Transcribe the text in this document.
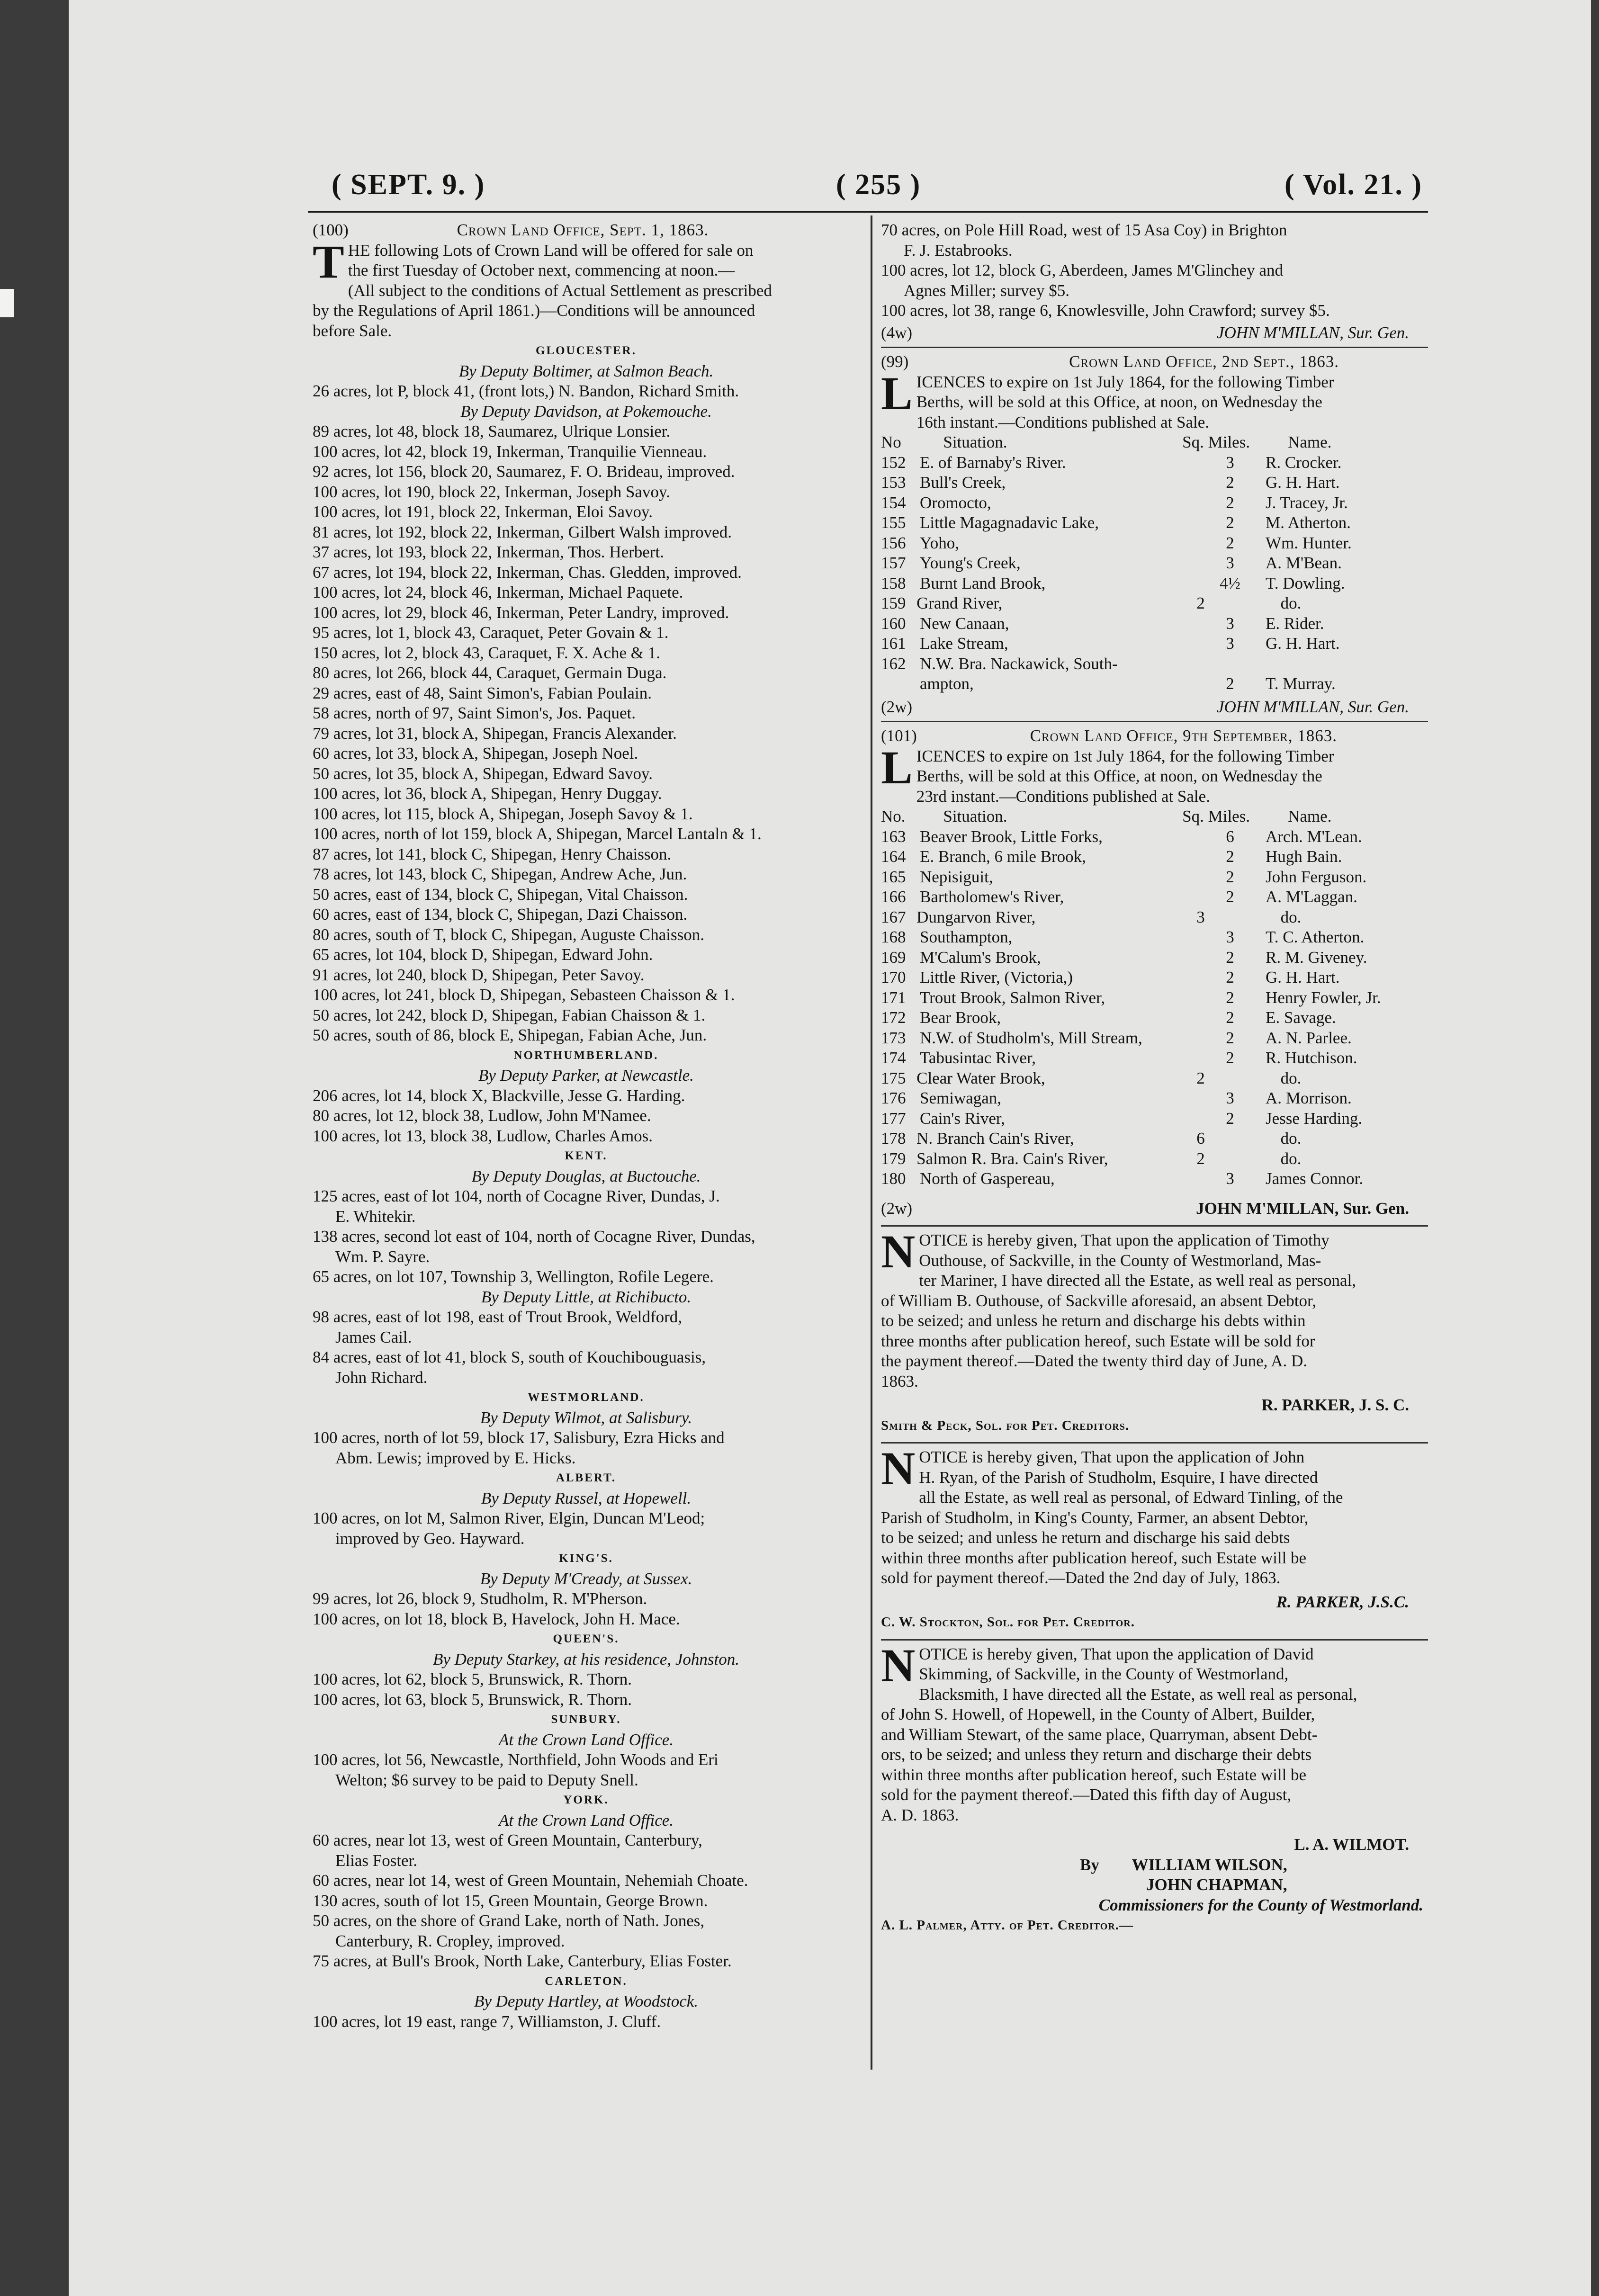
( SEPT. 9. )	( 255 )	( Vol. 21. )
(100)	Crown Land Office, Sept. 1, 1863.
T HE following Lots of Crown Land will be offered for sale on
the first Tuesday of October next, commencing at noon.—
(All subject to the conditions of Actual Settlement as prescribed
by the Regulations of April 1861.)—Conditions will be announced
before Sale.
GLOUCESTER.
By Deputy Boltimer, at Salmon Beach.
26 acres, lot P, block 41, (front lots,) N. Bandon, Richard Smith.
By Deputy Davidson, at Pokemouche.
89 acres, lot 48, block 18, Saumarez, Ulrique Lonsier.
100 acres, lot 42, block 19, Inkerman, Tranquilie Vienneau.
92 acres, lot 156, block 20, Saumarez, F. O. Brideau, improved.
100 acres, lot 190, block 22, Inkerman, Joseph Savoy.
100 acres, lot 191, block 22, Inkerman, Eloi Savoy.
81 acres, lot 192, block 22, Inkerman, Gilbert Walsh improved.
37 acres, lot 193, block 22, Inkerman, Thos. Herbert.
67 acres, lot 194, block 22, Inkerman, Chas. Gledden, improved.
100 acres, lot 24, block 46, Inkerman, Michael Paquete.
100 acres, lot 29, block 46, Inkerman, Peter Landry, improved.
95 acres, lot 1, block 43, Caraquet, Peter Govain & 1.
150 acres, lot 2, block 43, Caraquet, F. X. Ache & 1.
80 acres, lot 266, block 44, Caraquet, Germain Duga.
29 acres, east of 48, Saint Simon's, Fabian Poulain.
58 acres, north of 97, Saint Simon's, Jos. Paquet.
79 acres, lot 31, block A, Shipegan, Francis Alexander.
60 acres, lot 33, block A, Shipegan, Joseph Noel.
50 acres, lot 35, block A, Shipegan, Edward Savoy.
100 acres, lot 36, block A, Shipegan, Henry Duggay.
100 acres, lot 115, block A, Shipegan, Joseph Savoy & 1.
100 acres, north of lot 159, block A, Shipegan, Marcel Lantaln & 1.
87 acres, lot 141, block C, Shipegan, Henry Chaisson.
78 acres, lot 143, block C, Shipegan, Andrew Ache, Jun.
50 acres, east of 134, block C, Shipegan, Vital Chaisson.
60 acres, east of 134, block C, Shipegan, Dazi Chaisson.
80 acres, south of T, block C, Shipegan, Auguste Chaisson.
65 acres, lot 104, block D, Shipegan, Edward John.
91 acres, lot 240, block D, Shipegan, Peter Savoy.
100 acres, lot 241, block D, Shipegan, Sebasteen Chaisson & 1.
50 acres, lot 242, block D, Shipegan, Fabian Chaisson & 1.
50 acres, south of 86, block E, Shipegan, Fabian Ache, Jun.
NORTHUMBERLAND.
By Deputy Parker, at Newcastle.
206 acres, lot 14, block X, Blackville, Jesse G. Harding.
80 acres, lot 12, block 38, Ludlow, John M'Namee.
100 acres, lot 13, block 38, Ludlow, Charles Amos.
KENT.
By Deputy Douglas, at Buctouche.
125 acres, east of lot 104, north of Cocagne River, Dundas, J.
E. Whitekir.
138 acres, second lot east of 104, north of Cocagne River, Dundas,
Wm. P. Sayre.
65 acres, on lot 107, Township 3, Wellington, Rofile Legere.
By Deputy Little, at Richibucto.
98 acres, east of lot 198, east of Trout Brook, Weldford,
James Cail.
84 acres, east of lot 41, block S, south of Kouchibouguasis,
John Richard.
WESTMORLAND.
By Deputy Wilmot, at Salisbury.
100 acres, north of lot 59, block 17, Salisbury, Ezra Hicks and
Abm. Lewis; improved by E. Hicks.
ALBERT.
By Deputy Russel, at Hopewell.
100 acres, on lot M, Salmon River, Elgin, Duncan M'Leod;
improved by Geo. Hayward.
KING'S.
By Deputy M'Cready, at Sussex.
99 acres, lot 26, block 9, Studholm, R. M'Pherson.
100 acres, on lot 18, block B, Havelock, John H. Mace.
QUEEN'S.
By Deputy Starkey, at his residence, Johnston.
100 acres, lot 62, block 5, Brunswick, R. Thorn.
100 acres, lot 63, block 5, Brunswick, R. Thorn.
SUNBURY.
At the Crown Land Office.
100 acres, lot 56, Newcastle, Northfield, John Woods and Eri
Welton; $6 survey to be paid to Deputy Snell.
YORK.
At the Crown Land Office.
60 acres, near lot 13, west of Green Mountain, Canterbury,
Elias Foster.
60 acres, near lot 14, west of Green Mountain, Nehemiah Choate.
130 acres, south of lot 15, Green Mountain, George Brown.
50 acres, on the shore of Grand Lake, north of Nath. Jones,
Canterbury, R. Cropley, improved.
75 acres, at Bull's Brook, North Lake, Canterbury, Elias Foster.
CARLETON.
By Deputy Hartley, at Woodstock.
100 acres, lot 19 east, range 7, Williamston, J. Cluff.
70 acres, on Pole Hill Road, west of 15 Asa Coy) in Brighton
F. J. Estabrooks.
100 acres, lot 12, block G, Aberdeen, James M'Glinchey and
Agnes Miller; survey $5.
100 acres, lot 38, range 6, Knowlesville, John Crawford; survey $5.
(4w)	JOHN M'MILLAN, Sur. Gen.
(99)	Crown Land Office, 2nd Sept., 1863.
L ICENCES to expire on 1st July 1864, for the following Timber
Berths, will be sold at this Office, at noon, on Wednesday the
16th instant.—Conditions published at Sale.
No	Situation.	Sq. Miles.	Name.
152 E. of Barnaby's River.	3	R. Crocker.
153 Bull's Creek,	2	G. H. Hart.
154 Oromocto,	2	J. Tracey, Jr.
155 Little Magagnadavic Lake,	2	M. Atherton.
156 Yoho,	2	Wm. Hunter.
157 Young's Creek,	3	A. M'Bean.
158 Burnt Land Brook,	4½	T. Dowling.
159 Grand River,	2	do.
160 New Canaan,	3	E. Rider.
161 Lake Stream,	3	G. H. Hart.
162 N.W. Bra. Nackawick, South-
ampton,	2	T. Murray.
(2w)	JOHN M'MILLAN, Sur. Gen.
(101)	Crown Land Office, 9th September, 1863.
L ICENCES to expire on 1st July 1864, for the following Timber
Berths, will be sold at this Office, at noon, on Wednesday the
23rd instant.—Conditions published at Sale.
No.	Situation.	Sq. Miles.	Name.
163 Beaver Brook, Little Forks,	6	Arch. M'Lean.
164 E. Branch, 6 mile Brook,	2	Hugh Bain.
165 Nepisiguit,	2	John Ferguson.
166 Bartholomew's River,	2	A. M'Laggan.
167 Dungarvon River,	3	do.
168 Southampton,	3	T. C. Atherton.
169 M'Calum's Brook,	2	R. M. Giveney.
170 Little River, (Victoria,)	2	G. H. Hart.
171 Trout Brook, Salmon River,	2	Henry Fowler, Jr.
172 Bear Brook,	2	E. Savage.
173 N.W. of Studholm's, Mill Stream,	2	A. N. Parlee.
174 Tabusintac River,	2	R. Hutchison.
175 Clear Water Brook,	2	do.
176 Semiwagan,	3	A. Morrison.
177 Cain's River,	2	Jesse Harding.
178 N. Branch Cain's River,	6	do.
179 Salmon R. Bra. Cain's River,	2	do.
180 North of Gaspereau,	3	James Connor.
(2w)	JOHN M'MILLAN, Sur. Gen.
N OTICE is hereby given, That upon the application of Timothy
Outhouse, of Sackville, in the County of Westmorland, Mas-
ter Mariner, I have directed all the Estate, as well real as personal,
of William B. Outhouse, of Sackville aforesaid, an absent Debtor,
to be seized; and unless he return and discharge his debts within
three months after publication hereof, such Estate will be sold for
the payment thereof.—Dated the twenty third day of June, A. D.
1863.
R. PARKER, J. S. C.
Smith & Peck, Sol. for Pet. Creditors.
N OTICE is hereby given, That upon the application of John
H. Ryan, of the Parish of Studholm, Esquire, I have directed
all the Estate, as well real as personal, of Edward Tinling, of the
Parish of Studholm, in King's County, Farmer, an absent Debtor,
to be seized; and unless he return and discharge his said debts
within three months after publication hereof, such Estate will be
sold for payment thereof.—Dated the 2nd day of July, 1863.
R. PARKER, J.S.C.
C. W. Stockton, Sol. for Pet. Creditor.
N OTICE is hereby given, That upon the application of David
Skimming, of Sackville, in the County of Westmorland,
Blacksmith, I have directed all the Estate, as well real as personal,
of John S. Howell, of Hopewell, in the County of Albert, Builder,
and William Stewart, of the same place, Quarryman, absent Debt-
ors, to be seized; and unless they return and discharge their debts
within three months after publication hereof, such Estate will be
sold for the payment thereof.—Dated this fifth day of August,
A. D. 1863.
L. A. WILMOT.
By WILLIAM WILSON,
JOHN CHAPMAN,
Commissioners for the County of Westmorland.
A. L. Palmer, Atty. of Pet. Creditor.—
